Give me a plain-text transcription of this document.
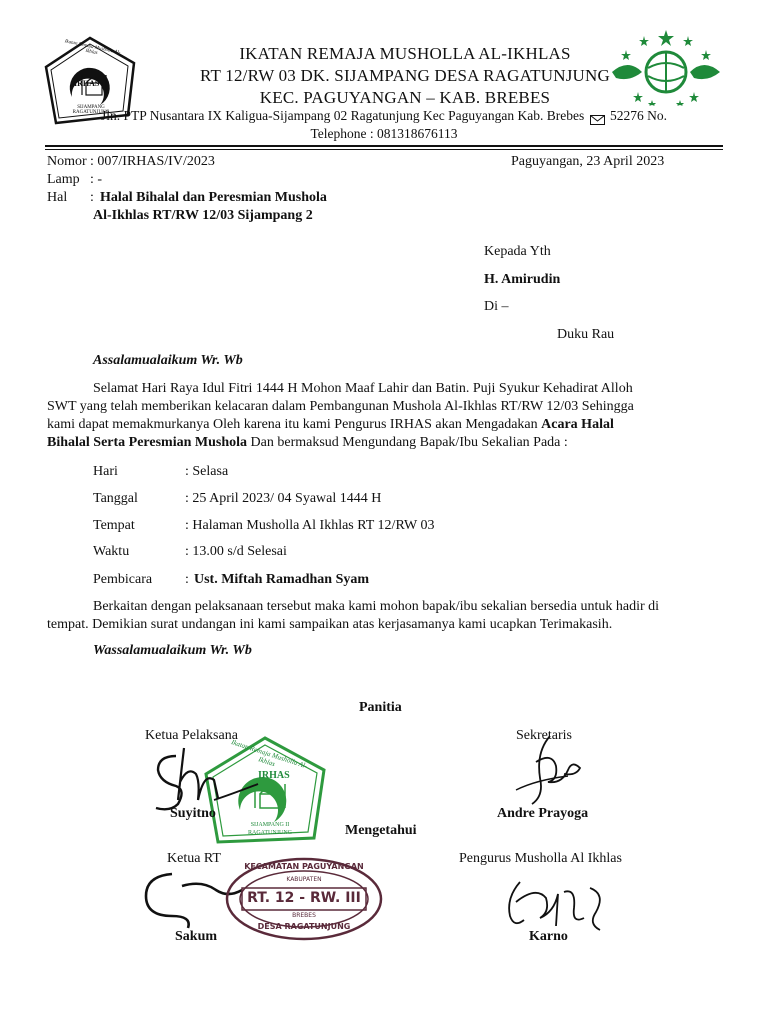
IRHAS
Ikatan Remaja Musholla Al-Ikhlas
SIJAMPANG RAGATUNJUNG
IKATAN REMAJA MUSHOLLA AL-IKHLAS
RT 12/RW 03 DK. SIJAMPANG DESA RAGATUNJUNG
KEC. PAGUYANGAN – KAB. BREBES
Jln. PTP Nusantara IX Kaligua-Sijampang 02 Ragatunjung Kec Paguyangan Kab. Brebes 52276 No.
Telephone : 081318676113
Nomor : 007/IRHAS/IV/2023	Paguyangan, 23 April 2023
Lamp : -
Hal : Halal Bihalal dan Peresmian Mushola
Al-Ikhlas RT/RW 12/03 Sijampang 2
Kepada Yth
H. Amirudin
Di –
Duku Rau
Assalamualaikum Wr. Wb
Selamat Hari Raya Idul Fitri 1444 H Mohon Maaf Lahir dan Batin. Puji Syukur Kehadirat Alloh
SWT yang telah memberikan kelacaran dalam Pembangunan Mushola Al-Ikhlas RT/RW 12/03 Sehingga
kami dapat memakmurkanya Oleh karena itu kami Pengurus IRHAS akan Mengadakan Acara Halal
Bihalal Serta Peresmian Mushola Dan bermaksud Mengundang Bapak/Ibu Sekalian Pada :
Hari	: Selasa
Tanggal	: 25 April 2023/ 04 Syawal 1444 H
Tempat	: Halaman Musholla Al Ikhlas RT 12/RW 03
Waktu	: 13.00 s/d Selesai
Pembicara : Ust. Miftah Ramadhan Syam
Berkaitan dengan pelaksanaan tersebut maka kami mohon bapak/ibu sekalian bersedia untuk hadir di
tempat. Demikian surat undangan ini kami sampaikan atas kerjasamanya kami ucapkan Terimakasih.
Wassalamualaikum Wr. Wb
Panitia
Ketua Pelaksana	Sekretaris
Ikatan Remaja Musholla Al-Ikhlas
IRHAS
SIJAMPANG II
RAGATUNJUNG
Suyitno	Andre Prayoga
Mengetahui
Ketua RT	Pengurus Musholla Al Ikhlas
KECAMATAN PAGUYANGAN
KABUPATEN
RT. 12 - RW. III
BREBES
DESA RAGATUNJUNG
Sakum	Karno
